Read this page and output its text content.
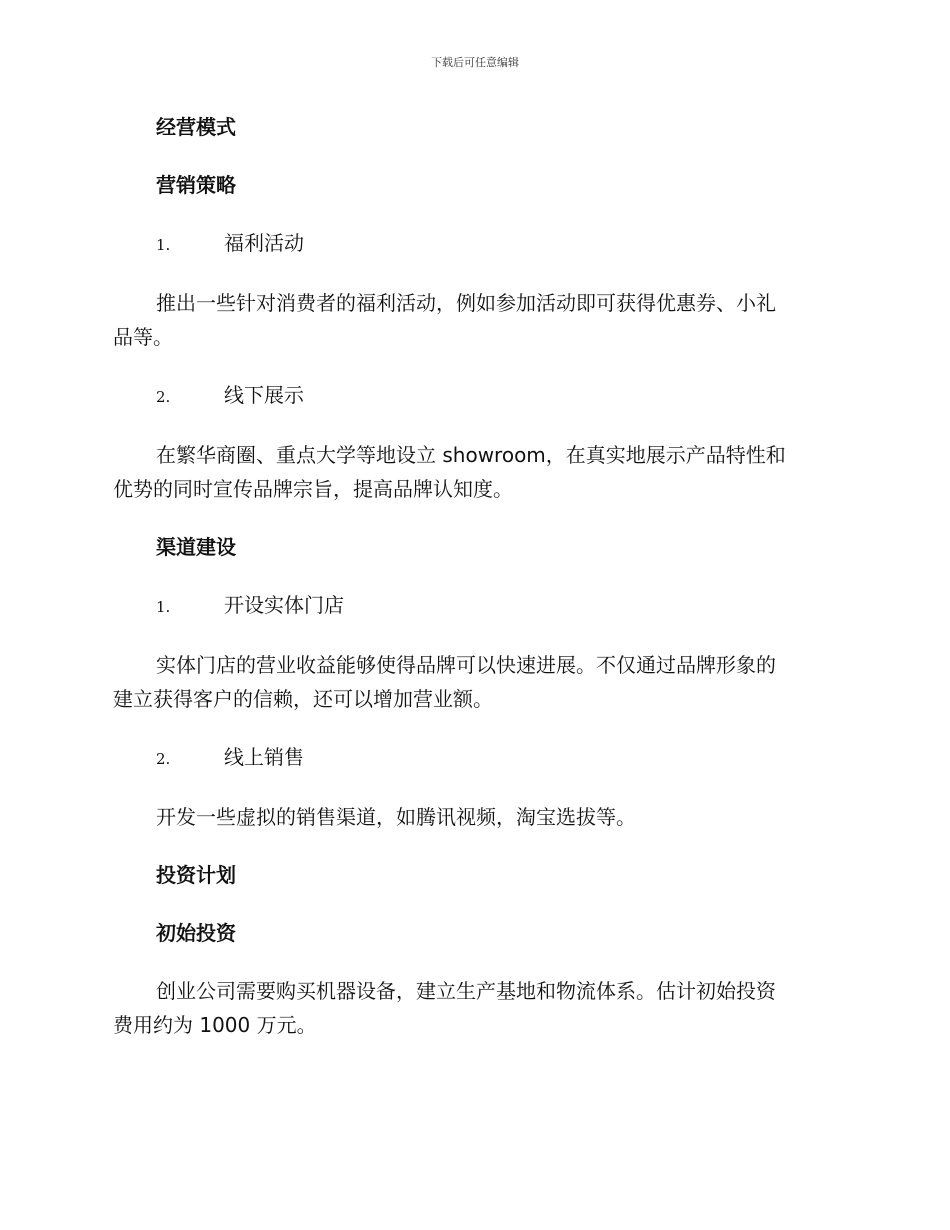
下载后可任意编辑
经营模式
营销策略
1.	福利活动
推出一些针对消费者的福利活动，例如参加活动即可获得优惠券、小礼
品等。
2.	线下展示
在繁华商圈、重点大学等地设立 showroom，在真实地展示产品特性和
优势的同时宣传品牌宗旨，提高品牌认知度。
渠道建设
1.	开设实体门店
实体门店的营业收益能够使得品牌可以快速进展。不仅通过品牌形象的
建立获得客户的信赖，还可以增加营业额。
2.	线上销售
开发一些虚拟的销售渠道，如腾讯视频，淘宝选拔等。
投资计划
初始投资
创业公司需要购买机器设备，建立生产基地和物流体系。估计初始投资
费用约为 1000 万元。
